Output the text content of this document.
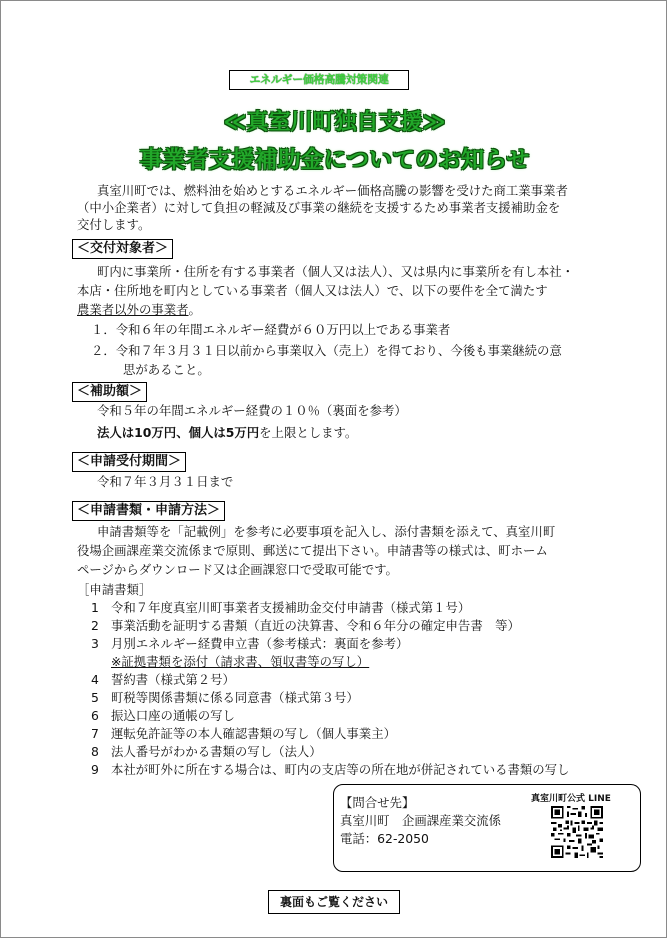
エネルギー価格高騰対策関連
≪真室川町独自支援≫
事業者支援補助金についてのお知らせ
真室川町では、燃料油を始めとするエネルギー価格高騰の影響を受けた商工業事業者
（中小企業者）に対して負担の軽減及び事業の継続を支援するため事業者支援補助金を
交付します。
＜交付対象者＞
町内に事業所・住所を有する事業者（個人又は法人）、又は県内に事業所を有し本社・
本店・住所地を町内としている事業者（個人又は法人）で、以下の要件を全て満たす
農業者以外の事業者。
１．令和６年の年間エネルギー経費が６０万円以上である事業者
２．令和７年３月３１日以前から事業収入（売上）を得ており、今後も事業継続の意
思があること。
＜補助額＞
令和５年の年間エネルギー経費の１０％（裏面を参考）
法人は10万円、個人は5万円を上限とします。
＜申請受付期間＞
令和７年３月３１日まで
＜申請書類・申請方法＞
申請書類等を「記載例」を参考に必要事項を記入し、添付書類を添えて、真室川町
役場企画課産業交流係まで原則、郵送にて提出下さい。申請書等の様式は、町ホーム
ページからダウンロード又は企画課窓口で受取可能です。
［申請書類］
1 令和７年度真室川町事業者支援補助金交付申請書（様式第１号）
2 事業活動を証明する書類（直近の決算書、令和６年分の確定申告書　等）
3 月別エネルギー経費申立書（参考様式：裏面を参考）
※証拠書類を添付（請求書、領収書等の写し）
4 誓約書（様式第２号）
5 町税等関係書類に係る同意書（様式第３号）
6 振込口座の通帳の写し
7 運転免許証等の本人確認書類の写し（個人事業主）
8 法人番号がわかる書類の写し（法人）
9 本社が町外に所在する場合は、町内の支店等の所在地が併記されている書類の写し
【問合せ先】
真室川町　企画課産業交流係
電話：62-2050
真室川町公式 LINE
裏面もご覧ください
